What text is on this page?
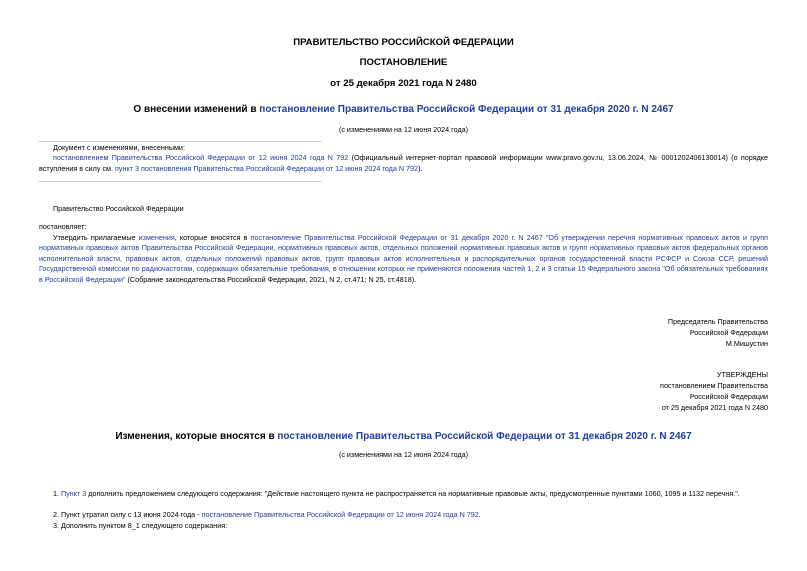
ПРАВИТЕЛЬСТВО РОССИЙСКОЙ ФЕДЕРАЦИИ
ПОСТАНОВЛЕНИЕ
от 25 декабря 2021 года N 2480
О внесении изменений в постановление Правительства Российской Федерации от 31 декабря 2020 г. N 2467
(с изменениями на 12 июня 2024 года)
Документ с изменениями, внесенными:
постановлением Правительства Российской Федерации от 12 июня 2024 года N 792 (Официальный интернет-портал правовой информации www.pravo.gov.ru, 13.06.2024, № 0001202406130014) (о порядке вступления в силу см. пункт 3 постановления Правительства Российской Федерации от 12 июня 2024 года N 792).
Правительство Российской Федерации
постановляет:
Утвердить прилагаемые изменения, которые вносятся в постановление Правительства Российской Федерации от 31 декабря 2020 г. N 2467 "Об утверждении перечня нормативных правовых актов и групп нормативных правовых актов Правительства Российской Федерации, нормативных правовых актов, отдельных положений нормативных правовых актов и групп нормативных правовых актов федеральных органов исполнительной власти, правовых актов, отдельных положений правовых актов, групп правовых актов исполнительных и распорядительных органов государственной власти РСФСР и Союза ССР, решений Государственной комиссии по радиочастотам, содержащих обязательные требования, в отношении которых не применяются положения частей 1, 2 и 3 статьи 15 Федерального закона "Об обязательных требованиях в Российской Федерации" (Собрание законодательства Российской Федерации, 2021, N 2, ст.471; N 25, ст.4818).
Председатель Правительства
Российской Федерации
М.Мишустин
УТВЕРЖДЕНЫ
постановлением Правительства
Российской Федерации
от 25 декабря 2021 года N 2480
Изменения, которые вносятся в постановление Правительства Российской Федерации от 31 декабря 2020 г. N 2467
(с изменениями на 12 июня 2024 года)
1. Пункт 3 дополнить предложением следующего содержания: "Действие настоящего пункта не распространяется на нормативные правовые акты, предусмотренные пунктами 1060, 1095 и 1132 перечня.".
2. Пункт утратил силу с 13 июня 2024 года - постановление Правительства Российской Федерации от 12 июня 2024 года N 792.
3. Дополнить пунктом 8_1 следующего содержания:
